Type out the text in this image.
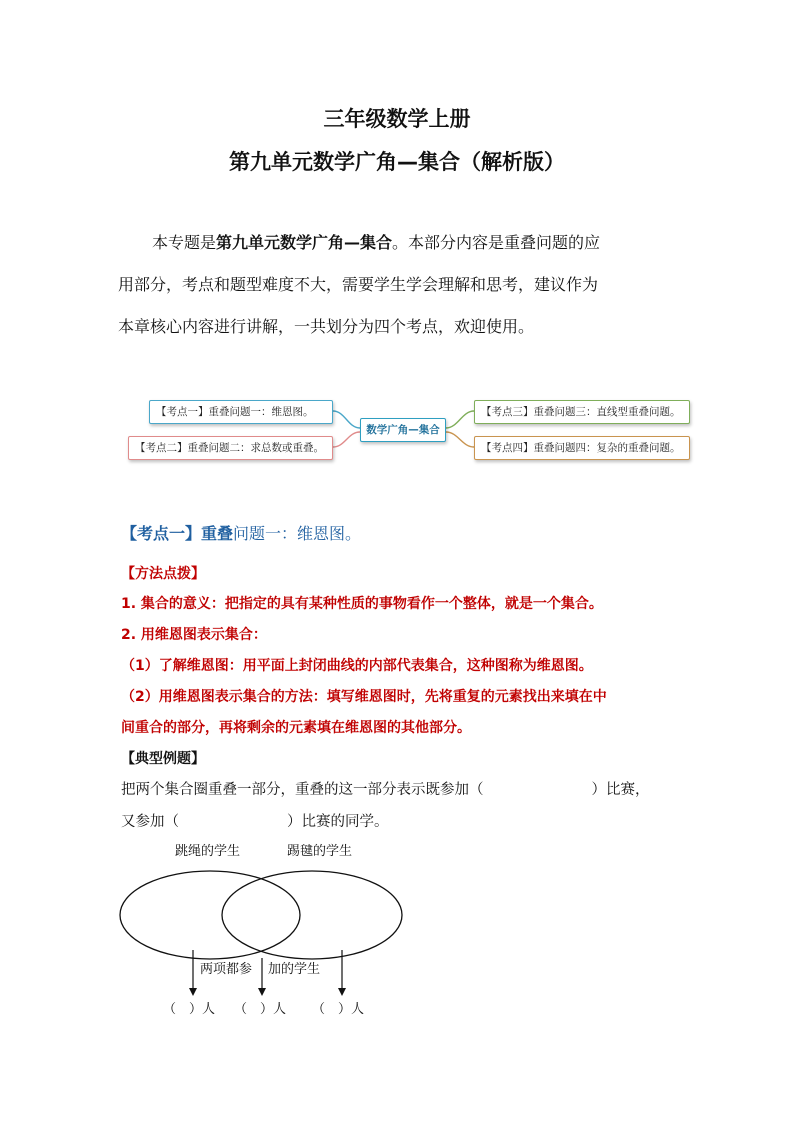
三年级数学上册
第九单元数学广角—集合（解析版）

本专题是第九单元数学广角—集合。本部分内容是重叠问题的应

用部分，考点和题型难度不大，需要学生学会理解和思考，建议作为

本章核心内容进行讲解，一共划分为四个考点，欢迎使用。

【考点一】重叠问题一：维恩图。
【考点二】重叠问题二：求总数或重叠。
数学广角—集合
【考点三】重叠问题三：直线型重叠问题。
【考点四】重叠问题四：复杂的重叠问题。
【考点一】重叠问题一：维恩图。
【方法点拨】
1. 集合的意义：把指定的具有某种性质的事物看作一个整体，就是一个集合。
2. 用维恩图表示集合：
（1）了解维恩图：用平面上封闭曲线的内部代表集合，这种图称为维恩图。
（2）用维恩图表示集合的方法：填写维恩图时，先将重复的元素找出来填在中
间重合的部分，再将剩余的元素填在维恩图的其他部分。
【典型例题】
把两个集合圈重叠一部分，重叠的这一部分表示既参加（	）比赛，
又参加（	）比赛的同学。
跳绳的学生	踢毽的学生
两项都参 加的学生
（　）人 （　）人 （　）人
